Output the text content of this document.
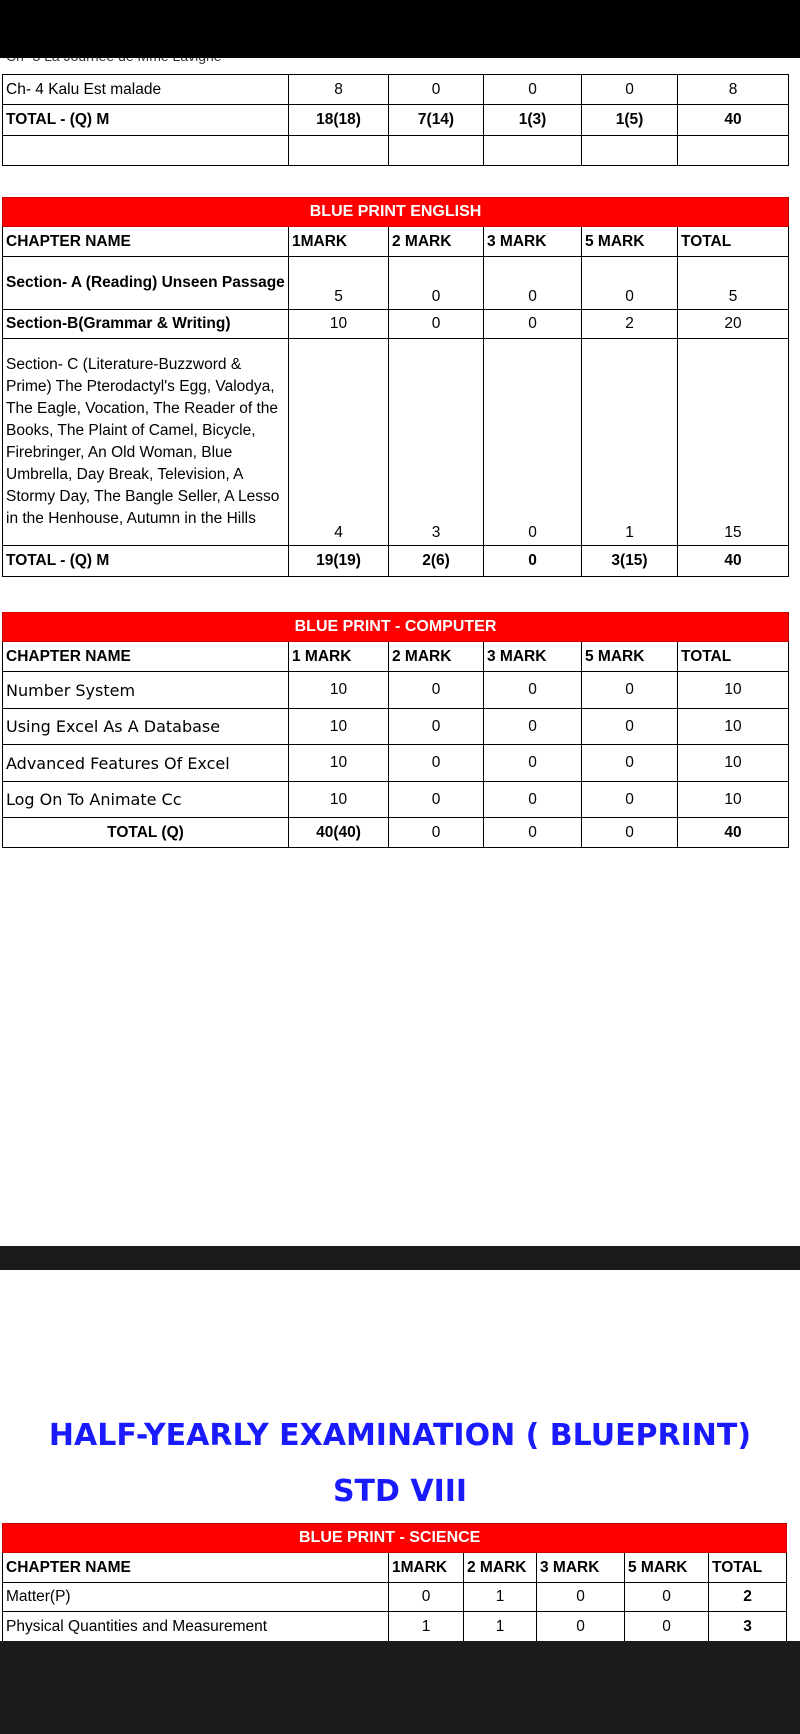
Ch- 4 Kalu Est malade	8	0	0	0	8
TOTAL - (Q) M	18(18)	7(14)	1(3)	1(5)	40

BLUE PRINT ENGLISH					
CHAPTER NAME	1MARK	2 MARK	3 MARK	5 MARK	TOTAL
Section- A (Reading) Unseen Passage	5	0	0	0	5
Section-B(Grammar & Writing)	10	0	0	2	20
Section- C (Literature-Buzzword & Prime) The Pterodactyl's Egg, Valodya, The Eagle, Vocation, The Reader of the Books, The Plaint of Camel, Bicycle, Firebringer, An Old Woman, Blue Umbrella, Day Break, Television, A Stormy Day, The Bangle Seller, A Lesso in the Henhouse, Autumn in the Hills	4	3	0	1	15
TOTAL - (Q) M	19(19)	2(6)	0	3(15)	40
BLUE PRINT - COMPUTER					
CHAPTER NAME	1 MARK	2 MARK	3 MARK	5 MARK	TOTAL
Number System	10	0	0	0	10
Using Excel As A Database	10	0	0	0	10
Advanced Features Of Excel	10	0	0	0	10
Log On To Animate Cc	10	0	0	0	10
TOTAL (Q)	40(40)	0	0	0	40
HALF-YEARLY EXAMINATION ( BLUEPRINT)
STD VIII
BLUE PRINT - SCIENCE					
CHAPTER NAME	1MARK	2 MARK	3 MARK	5 MARK	TOTAL
Matter(P)	0	1	0	0	2
Physical Quantities and Measurement	1	1	0	0	3
